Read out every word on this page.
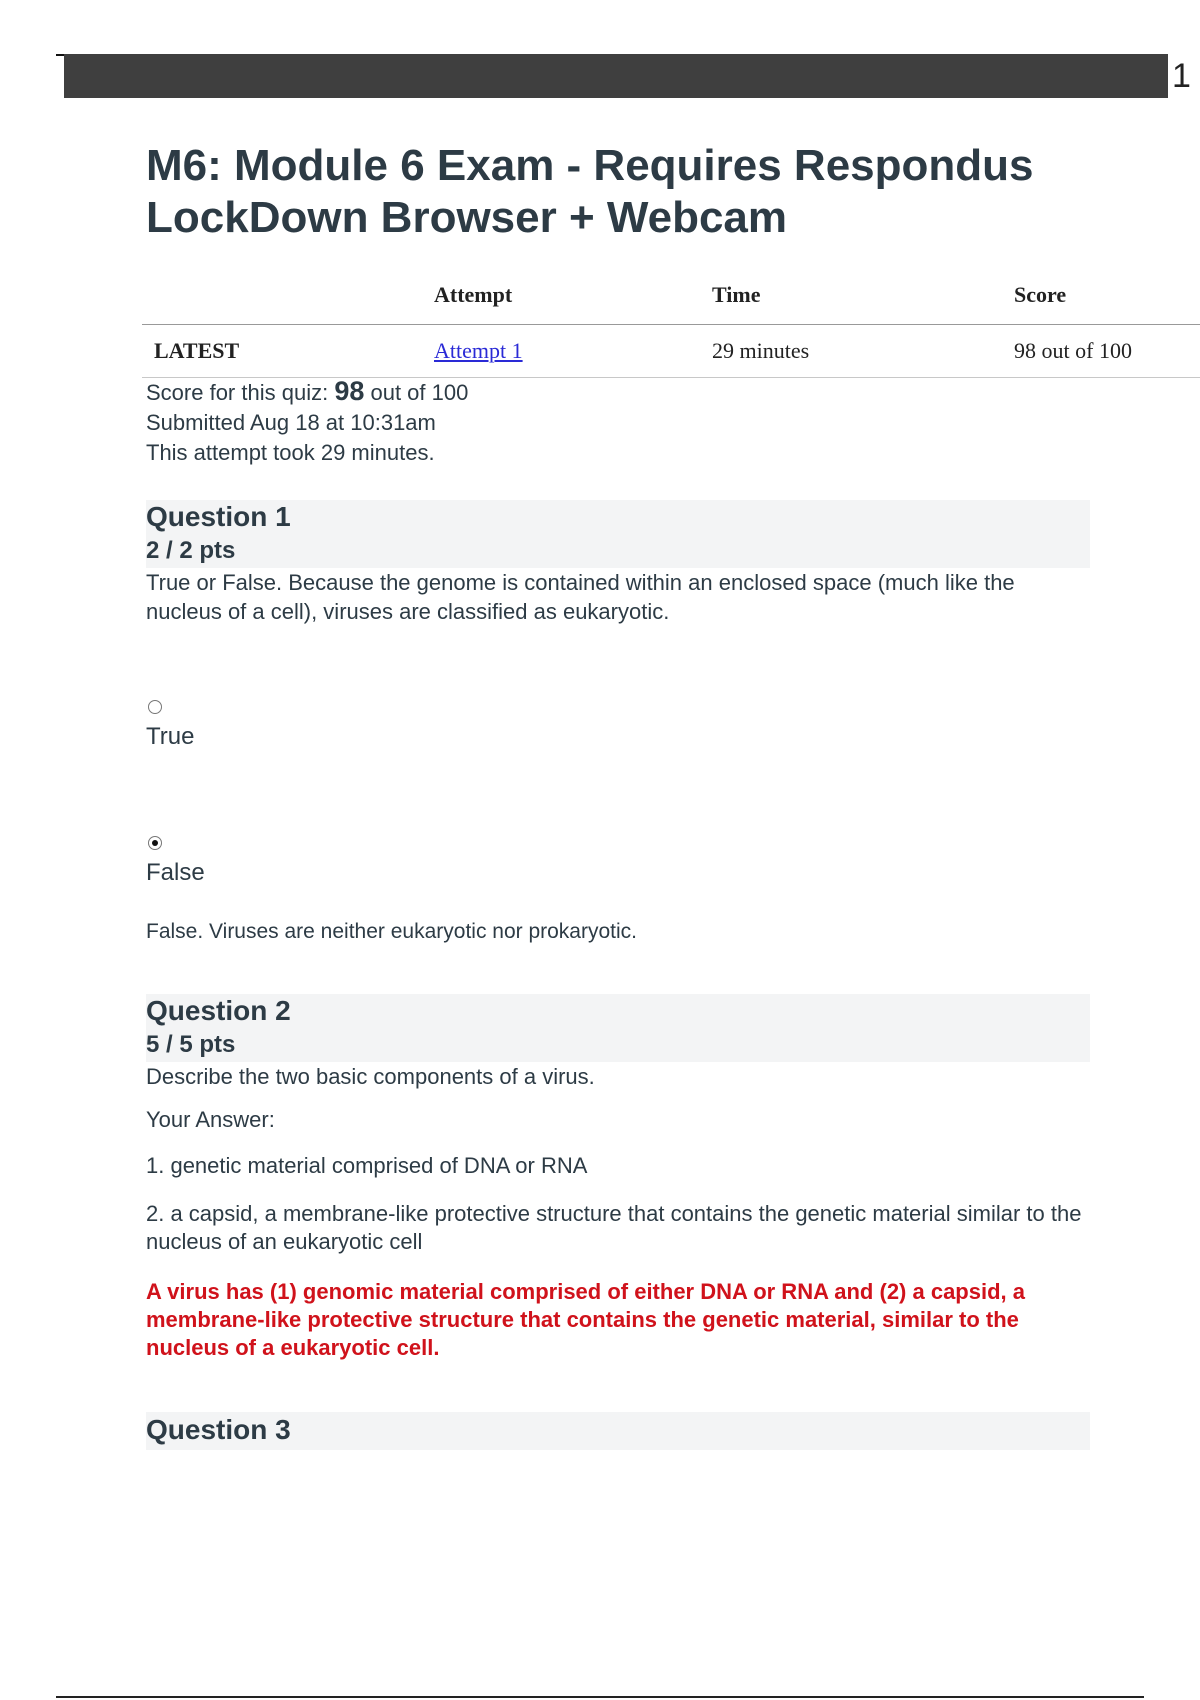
1
M6: Module 6 Exam - Requires Respondus LockDown Browser + Webcam
	Attempt	Time	Score
LATEST	Attempt 1	29 minutes	98 out of 100
Score for this quiz: 98 out of 100
Submitted Aug 18 at 10:31am
This attempt took 29 minutes.
Question 1
2 / 2 pts
True or False. Because the genome is contained within an enclosed space (much like the nucleus of a cell), viruses are classified as eukaryotic.
True
False
False. Viruses are neither eukaryotic nor prokaryotic.
Question 2
5 / 5 pts
Describe the two basic components of a virus.
Your Answer:
1. genetic material comprised of DNA or RNA
2. a capsid, a membrane-like protective structure that contains the genetic material similar to the nucleus of an eukaryotic cell
A virus has (1) genomic material comprised of either DNA or RNA and (2) a capsid, a membrane-like protective structure that contains the genetic material, similar to the nucleus of a eukaryotic cell.
Question 3
